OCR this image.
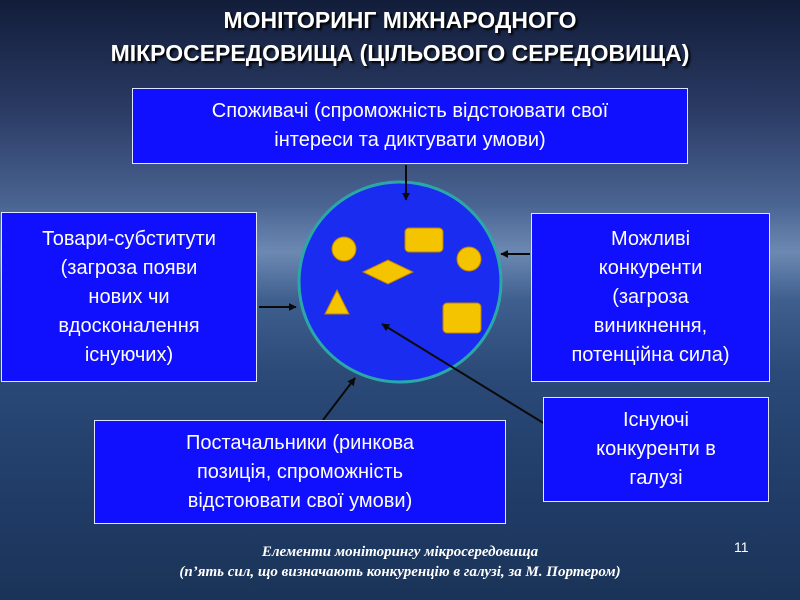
МОНІТОРИНГ МІЖНАРОДНОГО
МІКРОСЕРЕДОВИЩА (ЦІЛЬОВОГО СЕРЕДОВИЩА)
Споживачі (спроможність відстоювати свої
інтереси та диктувати умови)
Товари-субститути
(загроза появи
нових чи
вдосконалення
існуючих)
Можливі
конкуренти
(загроза
виникнення,
потенційна сила)
Постачальники (ринкова
позиція, спроможність
відстоювати свої умови)
Існуючі
конкуренти в
галузі
11
Елементи моніторингу мікросередовища
(п’ять сил, що визначають конкуренцію в галузі, за М. Портером)
